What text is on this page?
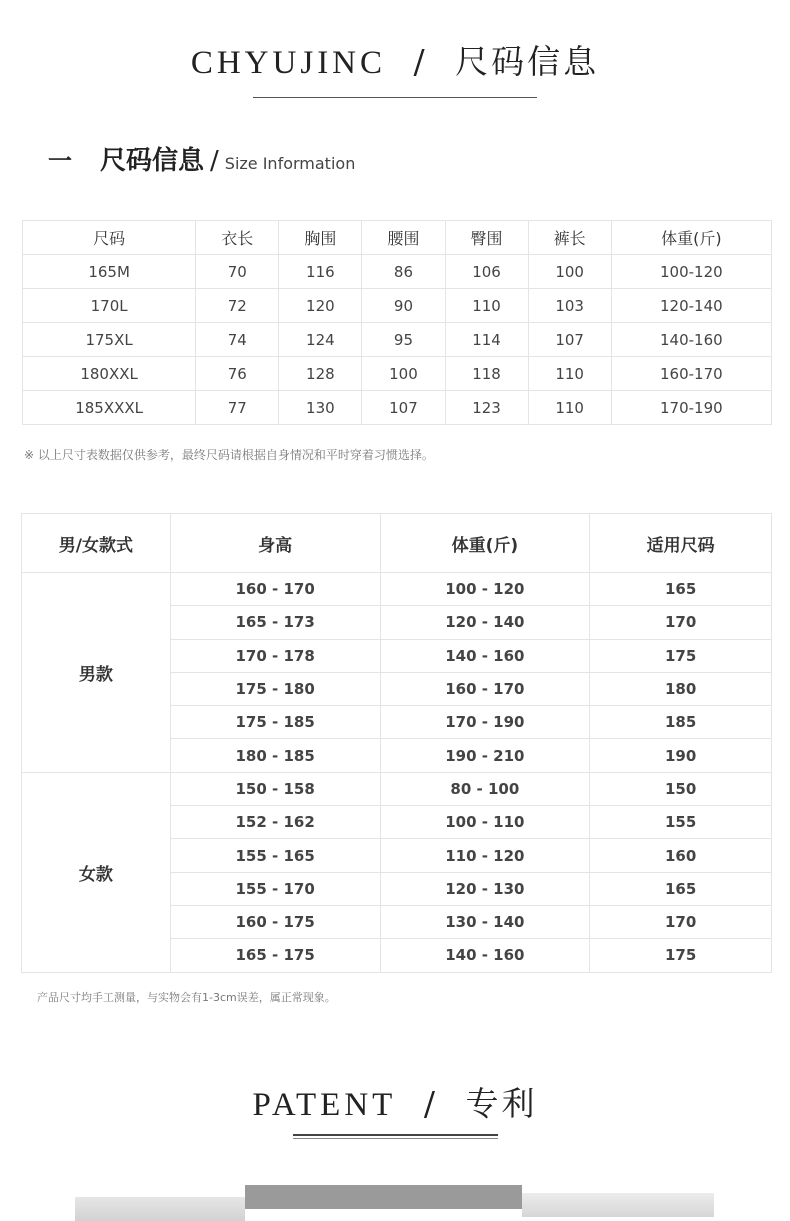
CHYUJINC / 尺码信息
一 尺码信息 / Size Information
尺码	衣长	胸围	腰围	臀围	裤长	体重(斤)
165M	70	116	86	106	100	100-120
170L	72	120	90	110	103	120-140
175XL	74	124	95	114	107	140-160
180XXL	76	128	100	118	110	160-170
185XXXL	77	130	107	123	110	170-190
※ 以上尺寸表数据仅供参考，最终尺码请根据自身情况和平时穿着习惯选择。
男/女款式	身高	体重(斤)	适用尺码
男款	160 - 170	100 - 120	165
	165 - 173	120 - 140	170
	170 - 178	140 - 160	175
	175 - 180	160 - 170	180
	175 - 185	170 - 190	185
	180 - 185	190 - 210	190
女款	150 - 158	80 - 100	150
	152 - 162	100 - 110	155
	155 - 165	110 - 120	160
	155 - 170	120 - 130	165
	160 - 175	130 - 140	170
	165 - 175	140 - 160	175
产品尺寸均手工测量，与实物会有1-3cm误差，属正常现象。
PATENT / 专利
